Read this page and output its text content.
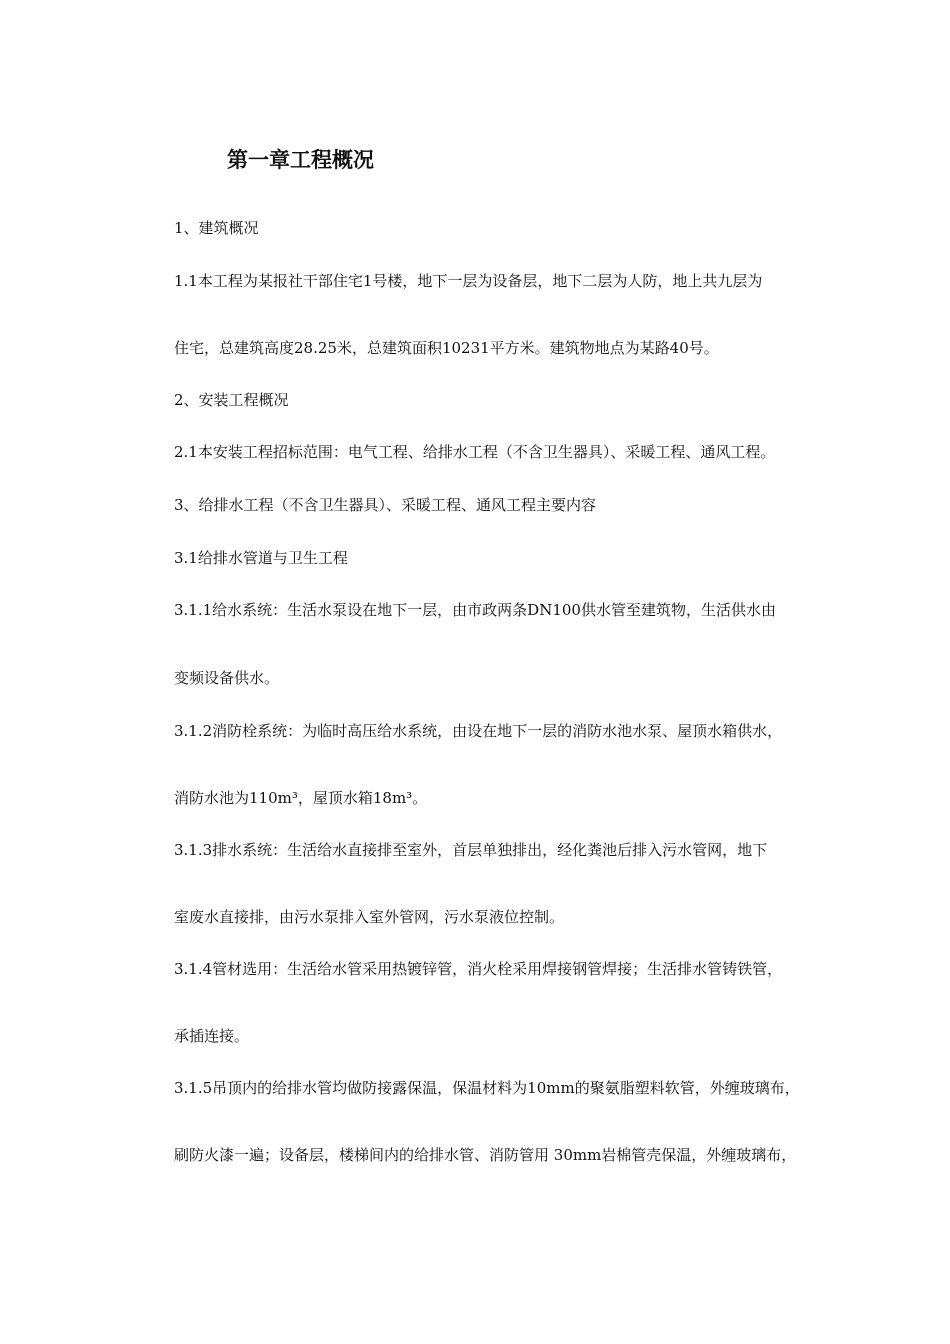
第一章工程概况
1、建筑概况
1.1本工程为某报社干部住宅1号楼，地下一层为设备层，地下二层为人防，地上共九层为
住宅，总建筑高度28.25米，总建筑面积10231平方米。建筑物地点为某路40号。
2、安装工程概况
2.1本安装工程招标范围：电气工程、给排水工程（不含卫生器具）、采暖工程、通风工程。
3、给排水工程（不含卫生器具）、采暖工程、通风工程主要内容
3.1给排水管道与卫生工程
3.1.1给水系统：生活水泵设在地下一层，由市政两条DN100供水管至建筑物，生活供水由
变频设备供水。
3.1.2消防栓系统：为临时高压给水系统，由设在地下一层的消防水池水泵、屋顶水箱供水，
消防水池为110m³，屋顶水箱18m³。
3.1.3排水系统：生活给水直接排至室外，首层单独排出，经化粪池后排入污水管网，地下
室废水直接排，由污水泵排入室外管网，污水泵液位控制。
3.1.4管材选用：生活给水管采用热镀锌管，消火栓采用焊接钢管焊接；生活排水管铸铁管，
承插连接。
3.1.5吊顶内的给排水管均做防接露保温，保温材料为10mm的聚氨脂塑料软管，外缠玻璃布，
刷防火漆一遍；设备层，楼梯间内的给排水管、消防管用 30mm岩棉管壳保温，外缠玻璃布，
